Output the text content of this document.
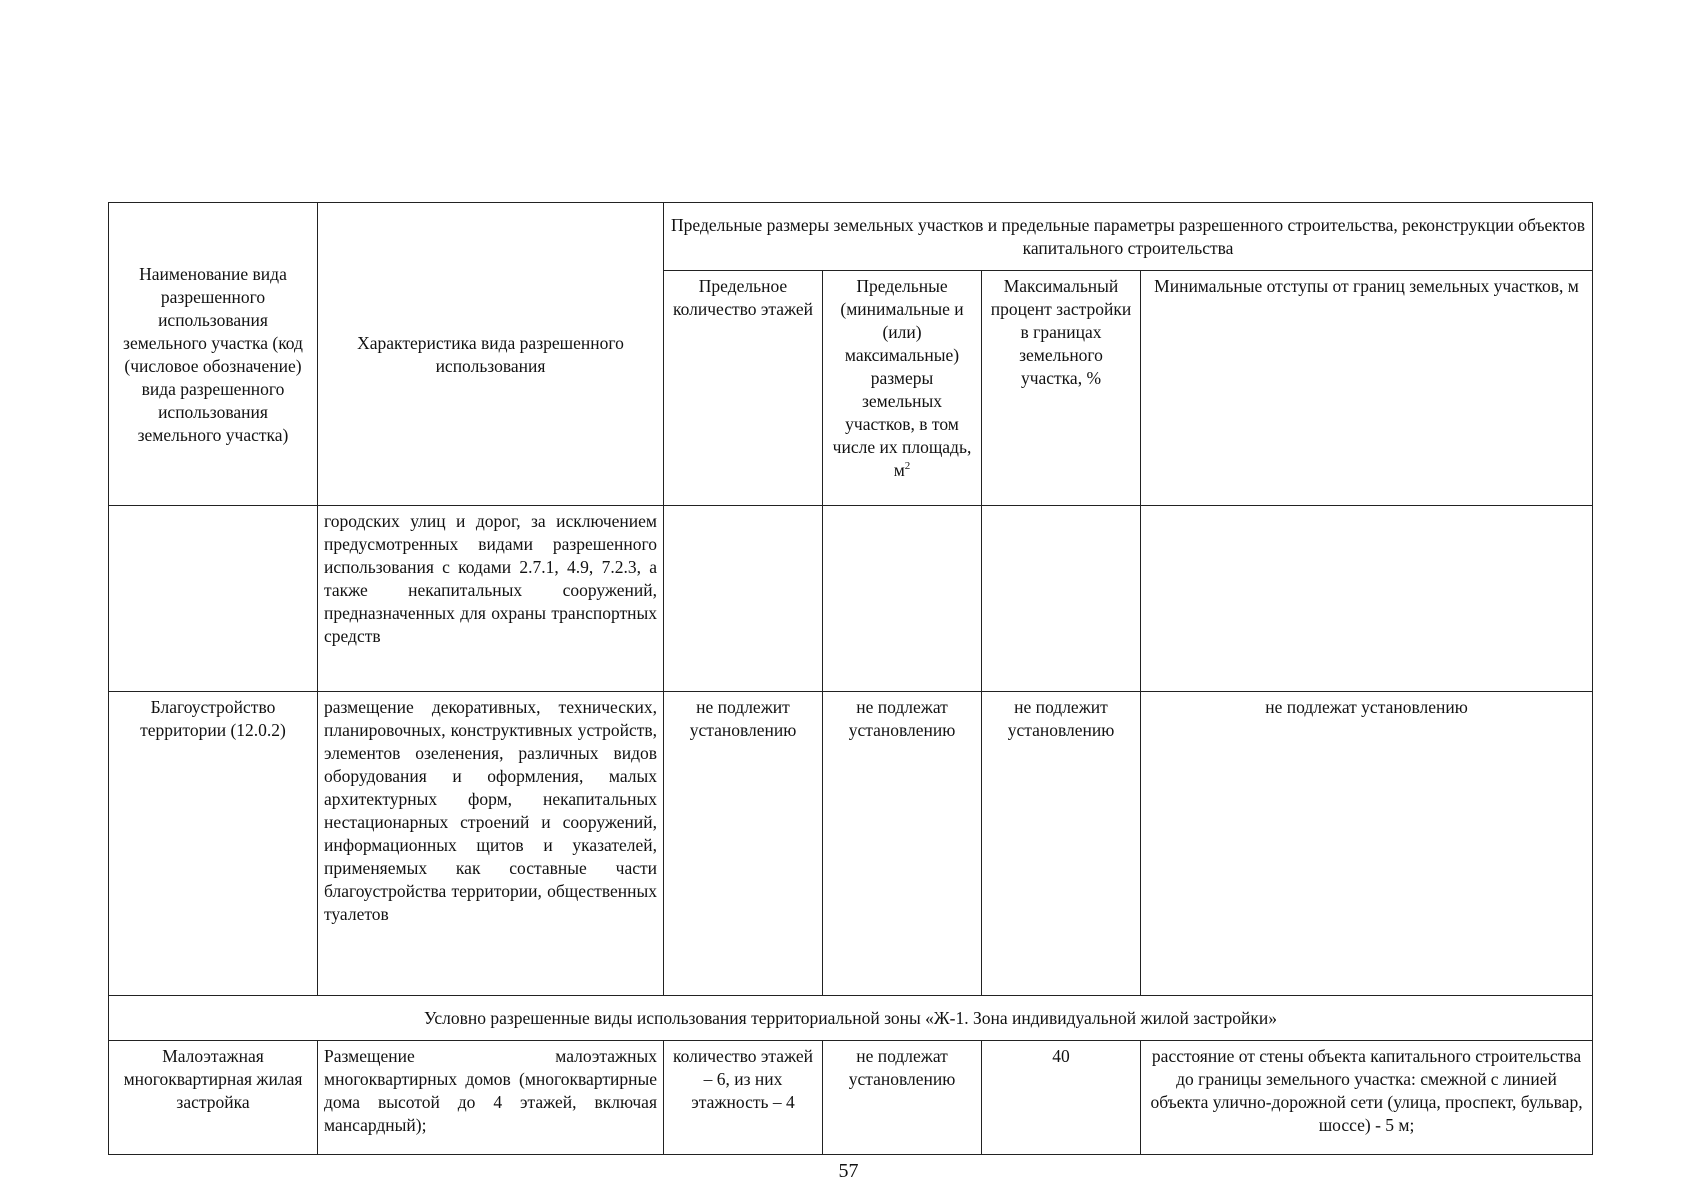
Наименование вида разрешенного использования земельного участка (код (числовое обозначение) вида разрешенного использования земельного участка)	Характеристика вида разрешенного использования	Предельные размеры земельных участков и предельные параметры разрешенного строительства, реконструкции объектов капитального строительства			
		Предельное количество этажей	Предельные (минимальные и (или) максимальные) размеры земельных участков, в том числе их площадь, $м^2$	Максимальный процент застройки в границах земельного участка, %	Минимальные отступы от границ земельных участков, м
	городских улиц и дорог, за исключением предусмотренных видами разрешенного использования с кодами 2.7.1, 4.9, 7.2.3, а также некапитальных сооружений, предназначенных для охраны транспортных средств				
Благоустройство территории (12.0.2)	размещение декоративных, технических, планировочных, конструктивных устройств, элементов озеленения, различных видов оборудования и оформления, малых архитектурных форм, некапитальных нестационарных строений и сооружений, информационных щитов и указателей, применяемых как составные части благоустройства территории, общественных туалетов	не подлежит установлению	не подлежат установлению	не подлежит установлению	не подлежат установлению
Условно разрешенные виды использования территориальной зоны «Ж-1. Зона индивидуальной жилой застройки»					
Малоэтажная многоквартирная жилая застройка	Размещение малоэтажных многоквартирных домов (многоквартирные дома высотой до 4 этажей, включая мансардный);	количество этажей – 6, из них этажность – 4	не подлежат установлению	40	расстояние от стены объекта капитального строительства до границы земельного участка: смежной с линией объекта улично-дорожной сети (улица, проспект, бульвар, шоссе) - 5 м;
57
